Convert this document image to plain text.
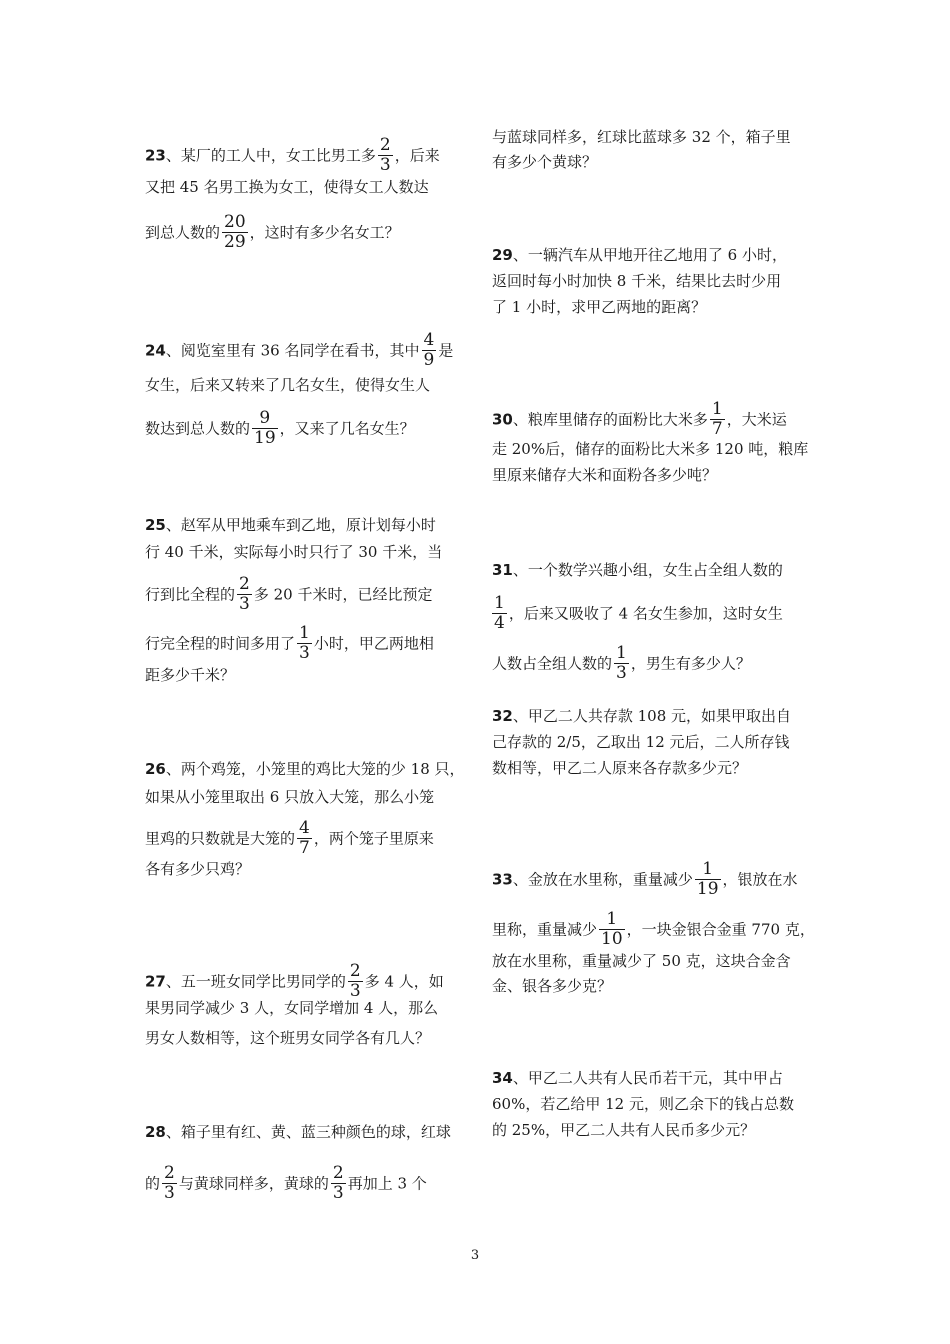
23、某厂的工人中，女工比男工多 $\frac{2}{3}$ ，后来
又把 45 名男工换为女工，使得女工人数达
到总人数的 $\frac{20}{29}$ ，这时有多少名女工？
24、阅览室里有 36 名同学在看书，其中 $\frac{4}{9}$ 是
女生，后来又转来了几名女生，使得女生人
数达到总人数的 $\frac{9}{19}$ ，又来了几名女生？
25、赵军从甲地乘车到乙地，原计划每小时
行 40 千米，实际每小时只行了 30 千米，当
行到比全程的 $\frac{2}{3}$ 多 20 千米时，已经比预定
行完全程的时间多用了 $\frac{1}{3}$ 小时，甲乙两地相
距多少千米？
26、两个鸡笼，小笼里的鸡比大笼的少 18 只，
如果从小笼里取出 6 只放入大笼，那么小笼
里鸡的只数就是大笼的 $\frac{4}{7}$ ，两个笼子里原来
各有多少只鸡？
27、五一班女同学比男同学的 $\frac{2}{3}$ 多 4 人，如
果男同学减少 3 人，女同学增加 4 人，那么
男女人数相等，这个班男女同学各有几人？
28、箱子里有红、黄、蓝三种颜色的球，红球
的 $\frac{2}{3}$ 与黄球同样多，黄球的 $\frac{2}{3}$ 再加上 3 个
与蓝球同样多，红球比蓝球多 32 个，箱子里
有多少个黄球？
29、一辆汽车从甲地开往乙地用了 6 小时，
返回时每小时加快 8 千米，结果比去时少用
了 1 小时，求甲乙两地的距离？
30、粮库里储存的面粉比大米多 $\frac{1}{7}$ ，大米运
走 20%后，储存的面粉比大米多 120 吨，粮库
里原来储存大米和面粉各多少吨？
31、一个数学兴趣小组，女生占全组人数的
$\frac{1}{4}$ ，后来又吸收了 4 名女生参加，这时女生
人数占全组人数的 $\frac{1}{3}$ ，男生有多少人？
32、甲乙二人共存款 108 元，如果甲取出自
己存款的 2/5，乙取出 12 元后，二人所存钱
数相等，甲乙二人原来各存款多少元？
33、金放在水里称，重量减少 $\frac{1}{19}$ ，银放在水
里称，重量减少 $\frac{1}{10}$ ，一块金银合金重 770 克，
放在水里称，重量减少了 50 克，这块合金含
金、银各多少克？
34、甲乙二人共有人民币若干元，其中甲占
60%，若乙给甲 12 元，则乙余下的钱占总数
的 25%，甲乙二人共有人民币多少元？
3
